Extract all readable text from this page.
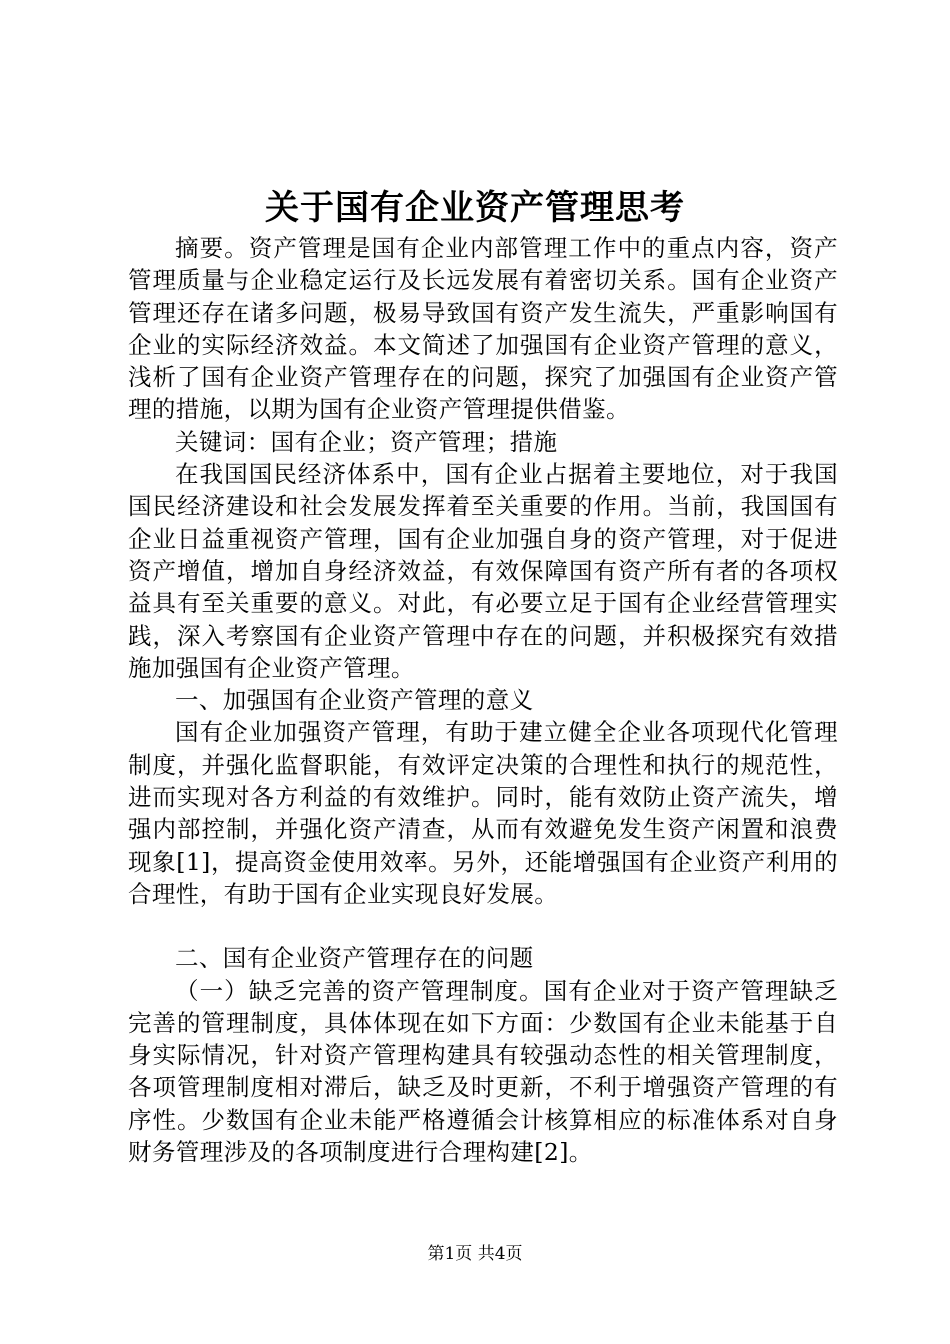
关于国有企业资产管理思考

摘要。资产管理是国有企业内部管理工作中的重点内容，资产管理质量与企业稳定运行及长远发展有着密切关系。国有企业资产管理还存在诸多问题，极易导致国有资产发生流失，严重影响国有企业的实际经济效益。本文简述了加强国有企业资产管理的意义，浅析了国有企业资产管理存在的问题，探究了加强国有企业资产管理的措施，以期为国有企业资产管理提供借鉴。

关键词：国有企业；资产管理；措施

在我国国民经济体系中，国有企业占据着主要地位，对于我国国民经济建设和社会发展发挥着至关重要的作用。当前，我国国有企业日益重视资产管理，国有企业加强自身的资产管理，对于促进资产增值，增加自身经济效益，有效保障国有资产所有者的各项权益具有至关重要的意义。对此，有必要立足于国有企业经营管理实践，深入考察国有企业资产管理中存在的问题，并积极探究有效措施加强国有企业资产管理。

一、加强国有企业资产管理的意义

国有企业加强资产管理，有助于建立健全企业各项现代化管理制度，并强化监督职能，有效评定决策的合理性和执行的规范性，进而实现对各方利益的有效维护。同时，能有效防止资产流失，增强内部控制，并强化资产清查，从而有效避免发生资产闲置和浪费现象[1]，提高资金使用效率。另外，还能增强国有企业资产利用的合理性，有助于国有企业实现良好发展。

二、国有企业资产管理存在的问题

（一）缺乏完善的资产管理制度。国有企业对于资产管理缺乏完善的管理制度，具体体现在如下方面：少数国有企业未能基于自身实际情况，针对资产管理构建具有较强动态性的相关管理制度，各项管理制度相对滞后，缺乏及时更新，不利于增强资产管理的有序性。少数国有企业未能严格遵循会计核算相应的标准体系对自身财务管理涉及的各项制度进行合理构建[2]。

第1页 共4页
